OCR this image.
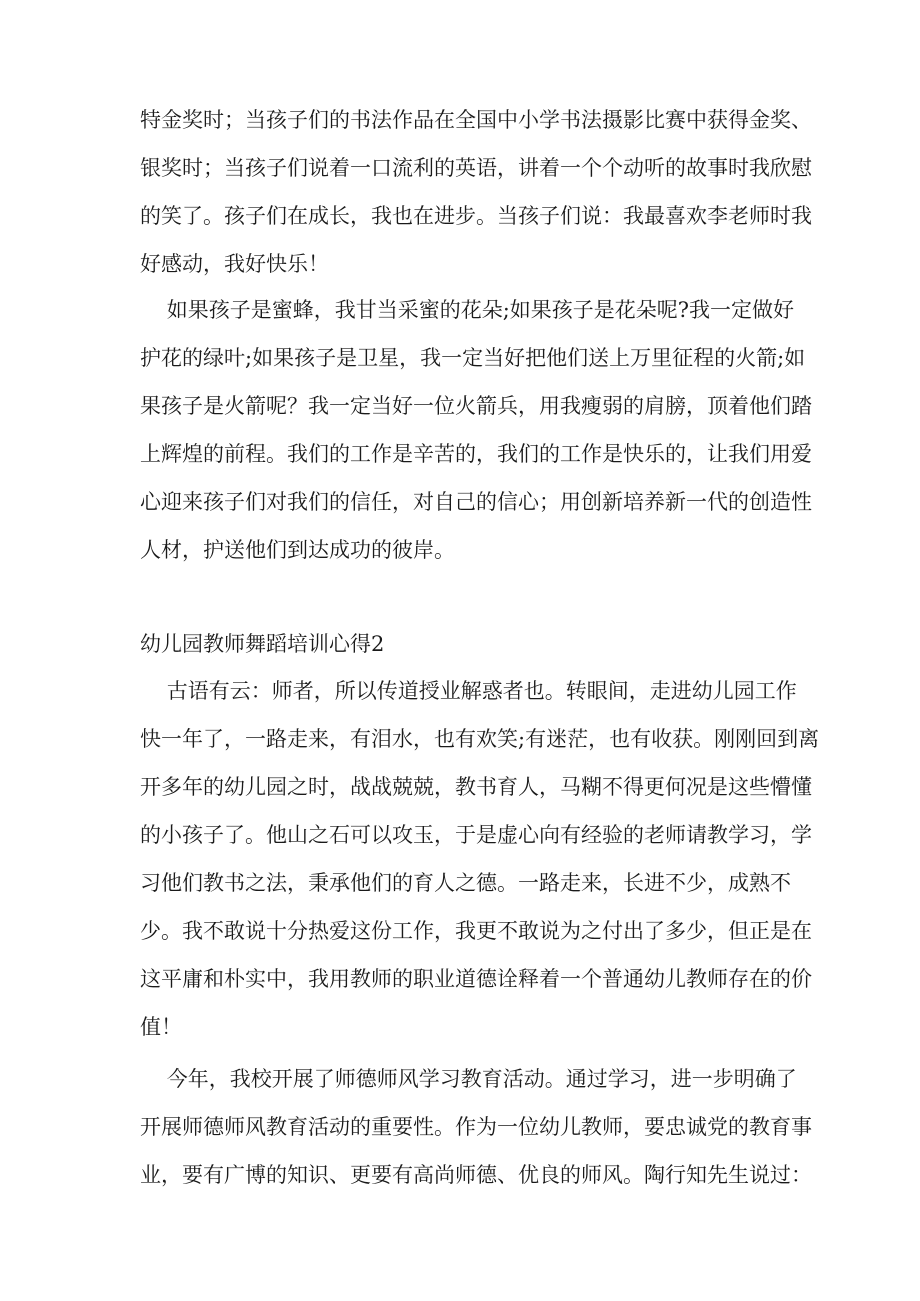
特金奖时；当孩子们的书法作品在全国中小学书法摄影比赛中获得金奖、
银奖时；当孩子们说着一口流利的英语，讲着一个个动听的故事时我欣慰
的笑了。孩子们在成长，我也在进步。当孩子们说：我最喜欢李老师时我
好感动，我好快乐！
如果孩子是蜜蜂，我甘当采蜜的花朵;如果孩子是花朵呢?我一定做好
护花的绿叶;如果孩子是卫星，我一定当好把他们送上万里征程的火箭;如
果孩子是火箭呢？我一定当好一位火箭兵，用我瘦弱的肩膀，顶着他们踏
上辉煌的前程。我们的工作是辛苦的，我们的工作是快乐的，让我们用爱
心迎来孩子们对我们的信任，对自己的信心；用创新培养新一代的创造性
人材，护送他们到达成功的彼岸。
幼儿园教师舞蹈培训心得2
古语有云：师者，所以传道授业解惑者也。转眼间，走进幼儿园工作
快一年了，一路走来，有泪水，也有欢笑;有迷茫，也有收获。刚刚回到离
开多年的幼儿园之时，战战兢兢，教书育人，马糊不得更何况是这些懵懂
的小孩子了。他山之石可以攻玉，于是虚心向有经验的老师请教学习，学
习他们教书之法，秉承他们的育人之德。一路走来，长进不少，成熟不
少。我不敢说十分热爱这份工作，我更不敢说为之付出了多少，但正是在
这平庸和朴实中，我用教师的职业道德诠释着一个普通幼儿教师存在的价
值！
今年，我校开展了师德师风学习教育活动。通过学习，进一步明确了
开展师德师风教育活动的重要性。作为一位幼儿教师，要忠诚党的教育事
业，要有广博的知识、更要有高尚师德、优良的师风。陶行知先生说过：
